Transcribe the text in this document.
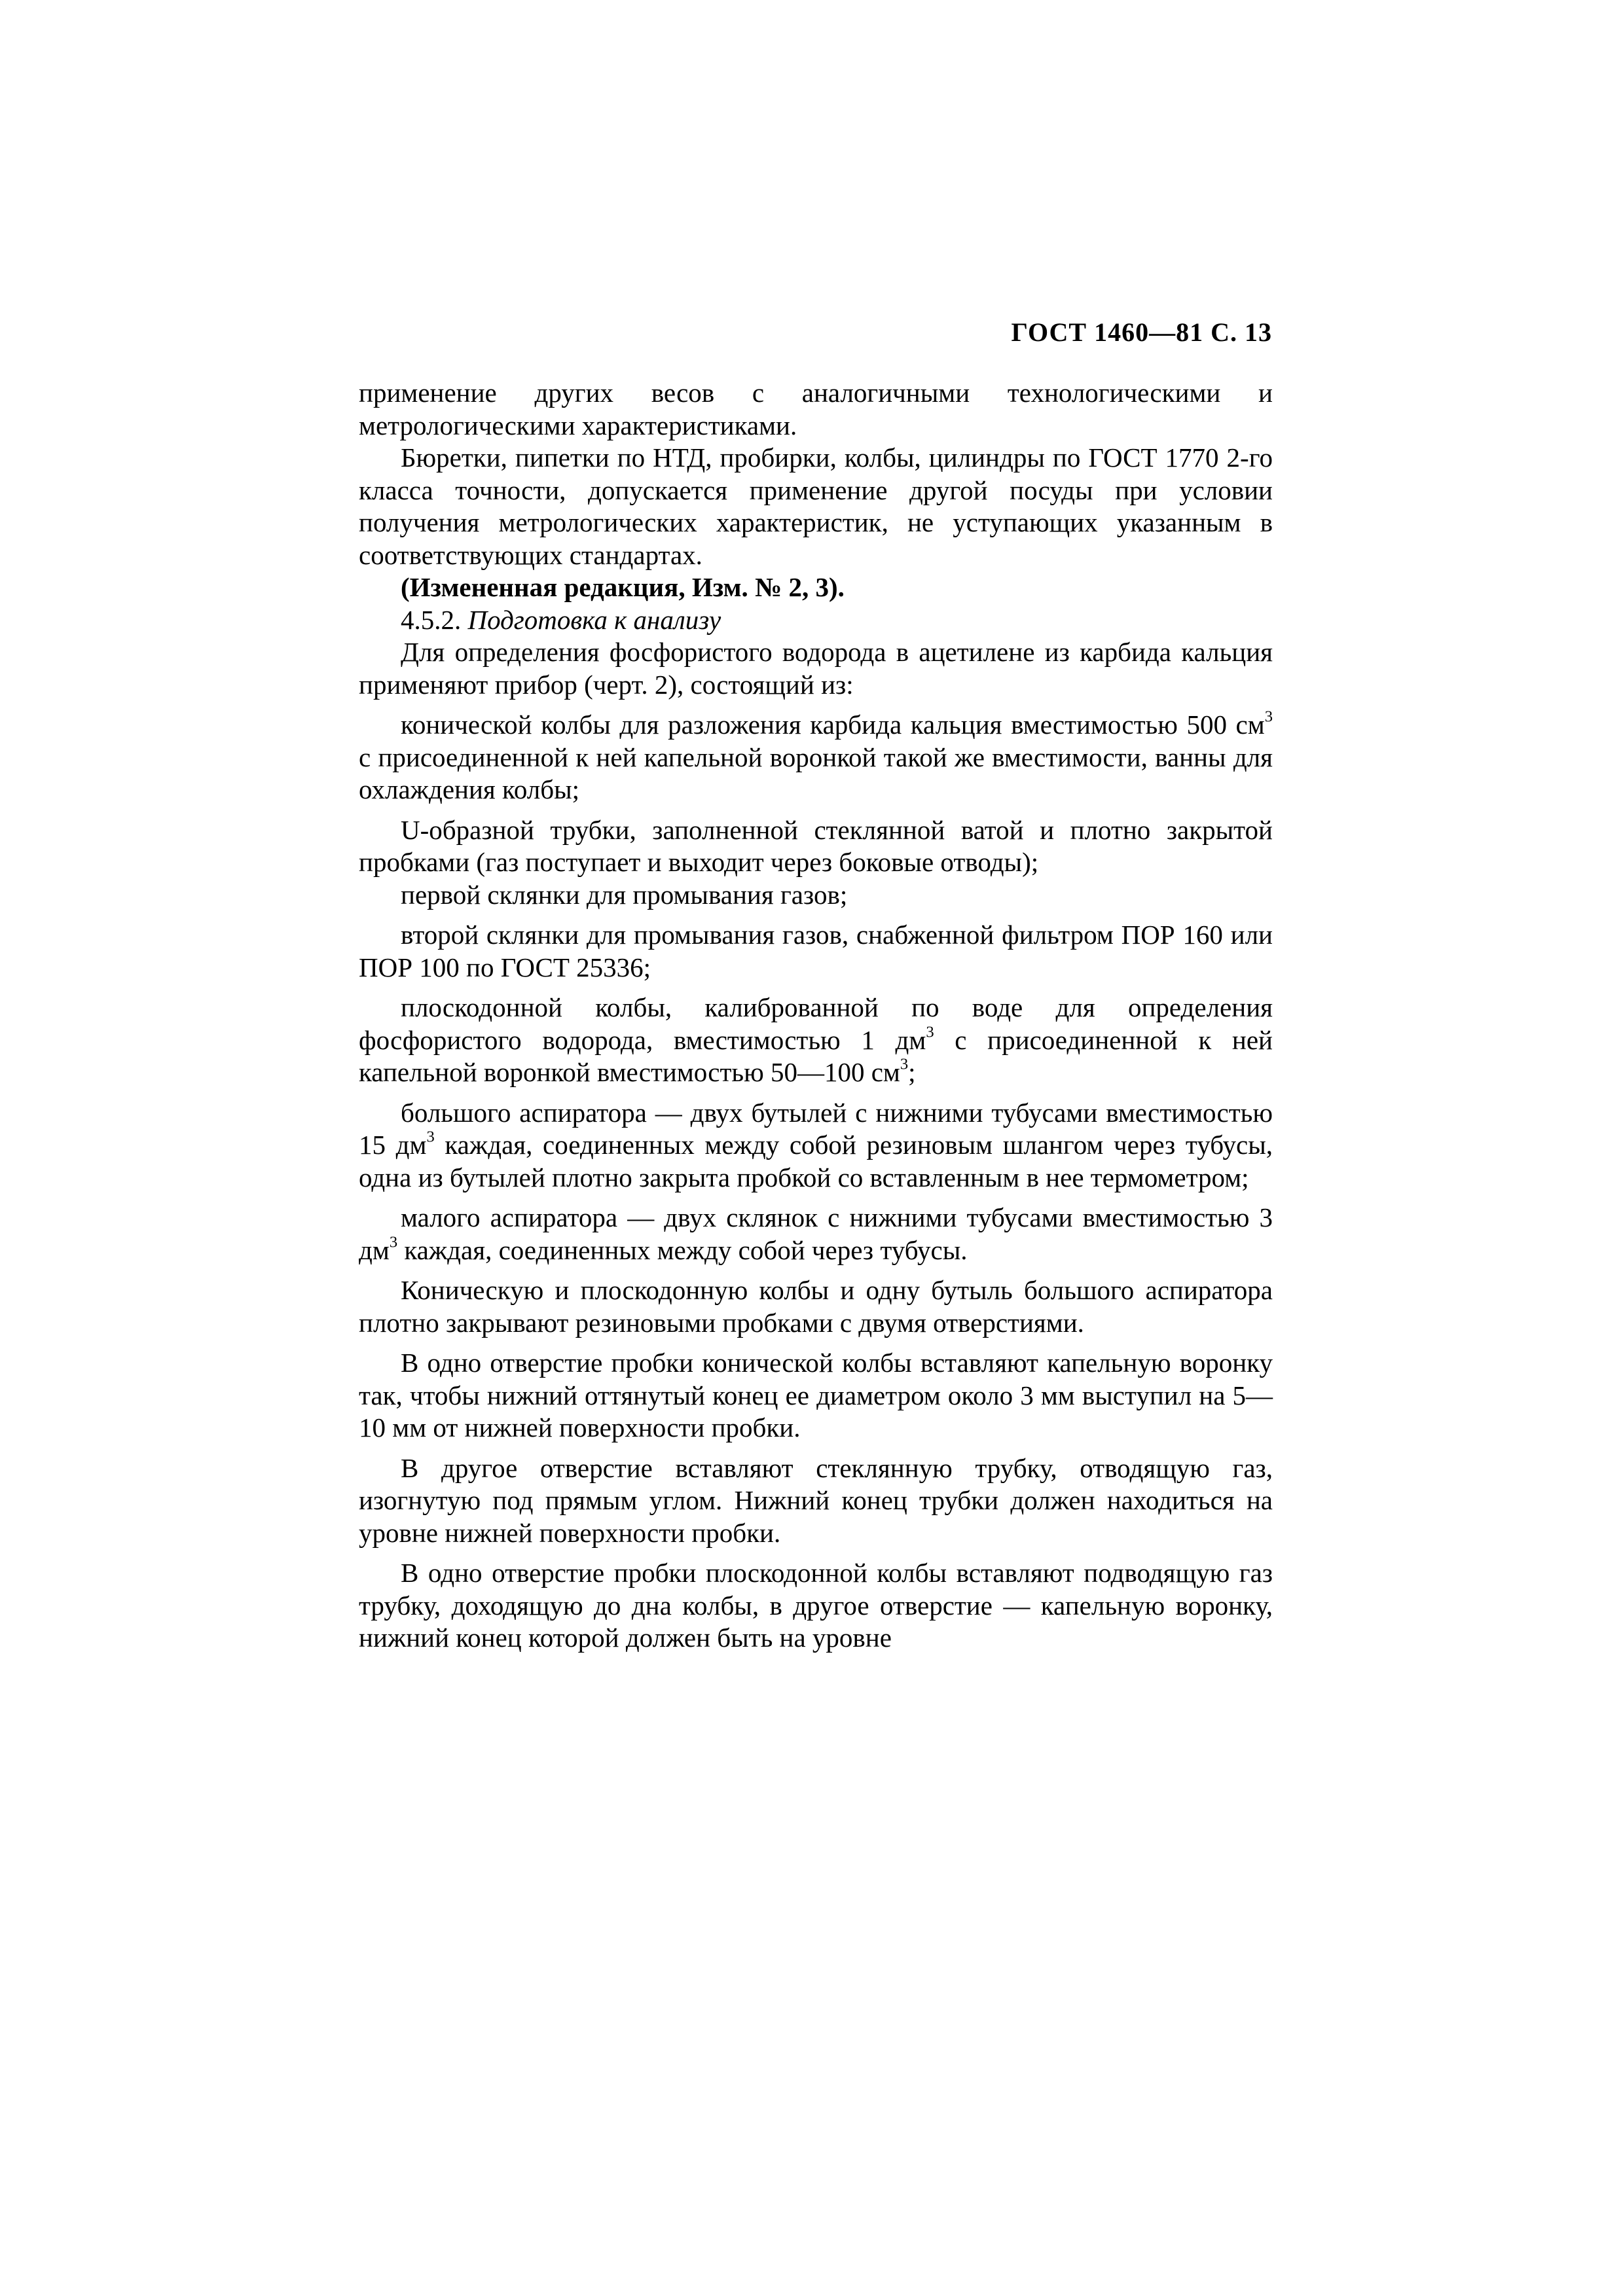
ГОСТ 1460—81 С. 13

применение других весов с аналогичными технологическими и метрологическими характеристиками.

Бюретки, пипетки по НТД, пробирки, колбы, цилиндры по ГОСТ 1770 2-го класса точности, допускается применение другой посуды при условии получения метрологических характеристик, не уступающих указанным в соответствующих стандартах.

(Измененная редакция, Изм. № 2, 3).

4.5.2. Подготовка к анализу

Для определения фосфористого водорода в ацетилене из карбида кальция применяют прибор (черт. 2), состоящий из:

конической колбы для разложения карбида кальция вместимостью 500 $см^3$ с присоединенной к ней капельной воронкой такой же вместимости, ванны для охлаждения колбы;

U-образной трубки, заполненной стеклянной ватой и плотно закрытой пробками (газ поступает и выходит через боковые отводы);

первой склянки для промывания газов;

второй склянки для промывания газов, снабженной фильтром ПОР 160 или ПОР 100 по ГОСТ 25336;

плоскодонной колбы, калиброванной по воде для определения фосфористого водорода, вместимостью 1 $дм^3$ с присоединенной к ней капельной воронкой вместимостью 50—100 $см^3$;

большого аспиратора — двух бутылей с нижними тубусами вместимостью 15 $дм^3$ каждая, соединенных между собой резиновым шлангом через тубусы, одна из бутылей плотно закрыта пробкой со вставленным в нее термометром;

малого аспиратора — двух склянок с нижними тубусами вместимостью 3 $дм^3$ каждая, соединенных между собой через тубусы.

Коническую и плоскодонную колбы и одну бутыль большого аспиратора плотно закрывают резиновыми пробками с двумя отверстиями.

В одно отверстие пробки конической колбы вставляют капельную воронку так, чтобы нижний оттянутый конец ее диаметром около 3 мм выступил на 5—10 мм от нижней поверхности пробки.

В другое отверстие вставляют стеклянную трубку, отводящую газ, изогнутую под прямым углом. Нижний конец трубки должен находиться на уровне нижней поверхности пробки.

В одно отверстие пробки плоскодонной колбы вставляют подводящую газ трубку, доходящую до дна колбы, в другое отверстие — капельную воронку, нижний конец которой должен быть на уровне
